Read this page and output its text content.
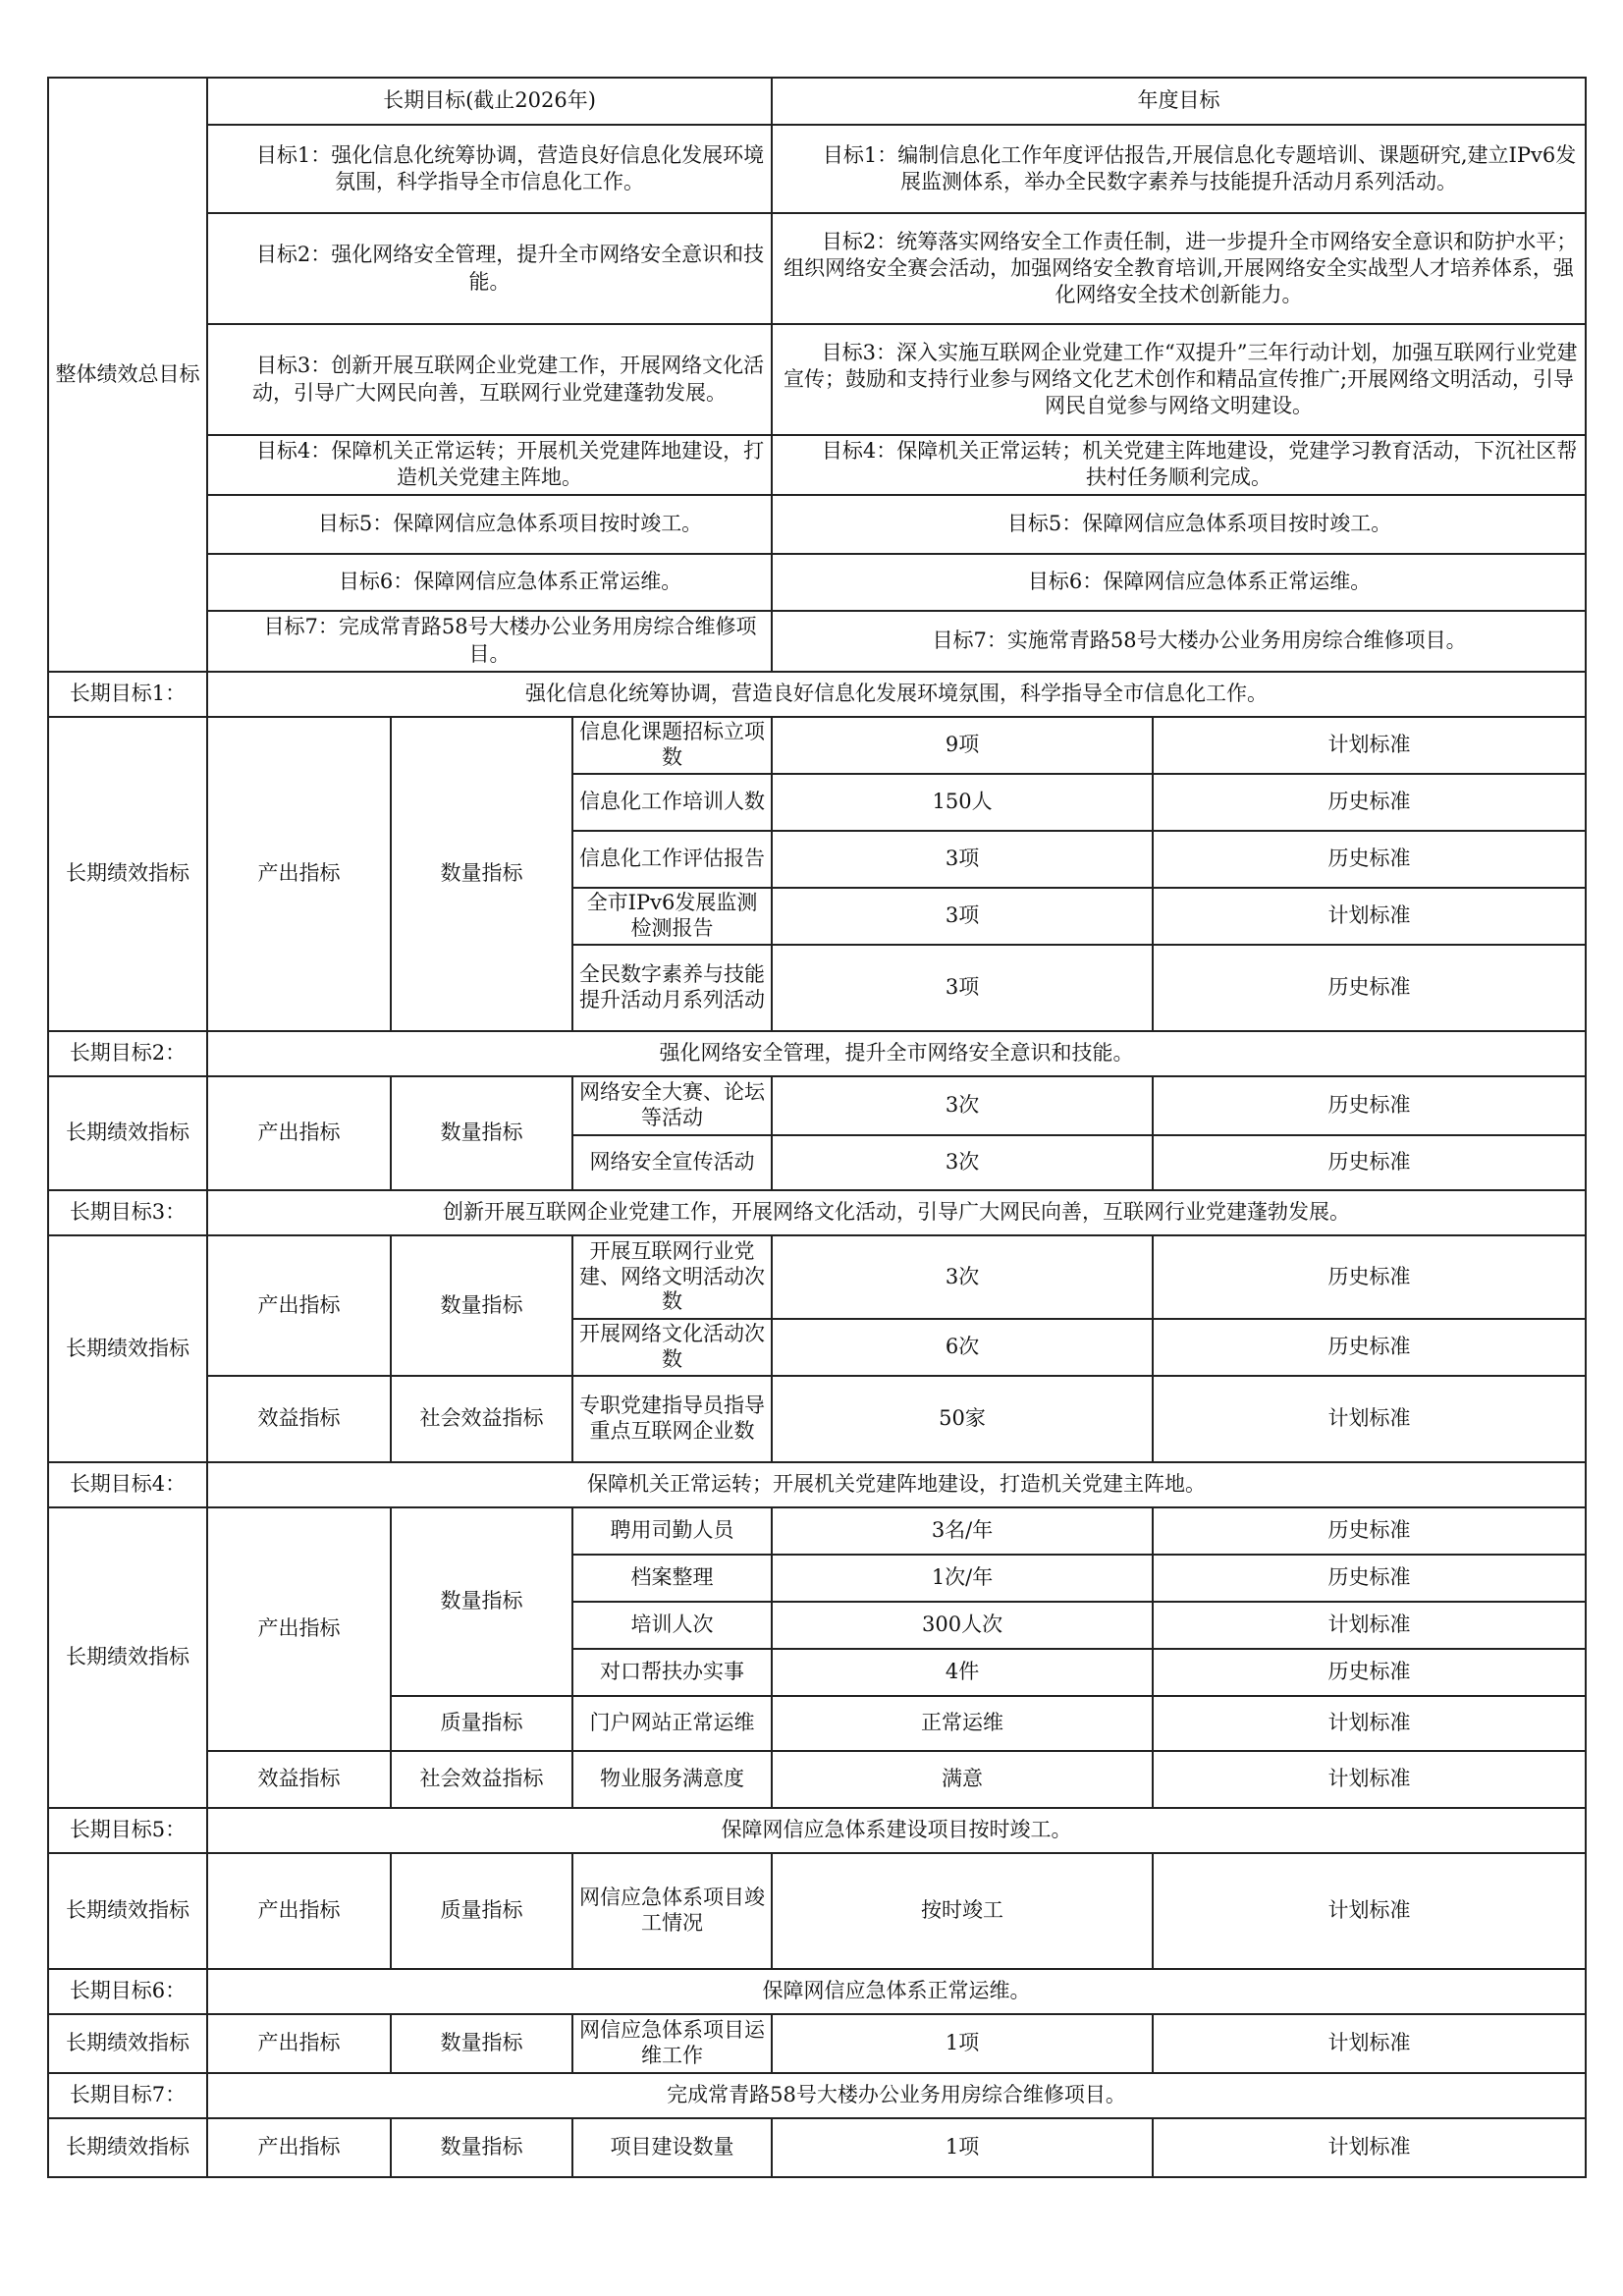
整体绩效总目标	长期目标(截止2026年)			年度目标	
	目标1：强化信息化统筹协调，营造良好信息化发展环境氛围，科学指导全市信息化工作。			目标1：编制信息化工作年度评估报告,开展信息化专题培训、课题研究,建立IPv6发展监测体系，举办全民数字素养与技能提升活动月系列活动。	
	目标2：强化网络安全管理，提升全市网络安全意识和技能。			目标2：统筹落实网络安全工作责任制，进一步提升全市网络安全意识和防护水平；组织网络安全赛会活动，加强网络安全教育培训,开展网络安全实战型人才培养体系，强化网络安全技术创新能力。	
	目标3：创新开展互联网企业党建工作，开展网络文化活动，引导广大网民向善，互联网行业党建蓬勃发展。			目标3：深入实施互联网企业党建工作“双提升”三年行动计划，加强互联网行业党建宣传；鼓励和支持行业参与网络文化艺术创作和精品宣传推广;开展网络文明活动，引导网民自觉参与网络文明建设。	
	目标4：保障机关正常运转；开展机关党建阵地建设，打造机关党建主阵地。			目标4：保障机关正常运转；机关党建主阵地建设，党建学习教育活动，下沉社区帮扶村任务顺利完成。	
	目标5：保障网信应急体系项目按时竣工。			目标5：保障网信应急体系项目按时竣工。	
	目标6：保障网信应急体系正常运维。			目标6：保障网信应急体系正常运维。	
	目标7：完成常青路58号大楼办公业务用房综合维修项目。			目标7：实施常青路58号大楼办公业务用房综合维修项目。	
长期目标1：	强化信息化统筹协调，营造良好信息化发展环境氛围，科学指导全市信息化工作。				
长期绩效指标	产出指标	数量指标	信息化课题招标立项数	9项	计划标准
			信息化工作培训人数	150人	历史标准
			信息化工作评估报告	3项	历史标准
			全市IPv6发展监测检测报告	3项	计划标准
			全民数字素养与技能提升活动月系列活动	3项	历史标准
长期目标2：	强化网络安全管理，提升全市网络安全意识和技能。				
长期绩效指标	产出指标	数量指标	网络安全大赛、论坛等活动	3次	历史标准
			网络安全宣传活动	3次	历史标准
长期目标3：	创新开展互联网企业党建工作，开展网络文化活动，引导广大网民向善，互联网行业党建蓬勃发展。				
长期绩效指标	产出指标	数量指标	开展互联网行业党建、网络文明活动次数	3次	历史标准
			开展网络文化活动次数	6次	历史标准
	效益指标	社会效益指标	专职党建指导员指导重点互联网企业数	50家	计划标准
长期目标4：	保障机关正常运转；开展机关党建阵地建设，打造机关党建主阵地。				
长期绩效指标	产出指标	数量指标	聘用司勤人员	3名/年	历史标准
			档案整理	1次/年	历史标准
			培训人次	300人次	计划标准
			对口帮扶办实事	4件	历史标准
		质量指标	门户网站正常运维	正常运维	计划标准
	效益指标	社会效益指标	物业服务满意度	满意	计划标准
长期目标5：	保障网信应急体系建设项目按时竣工。				
长期绩效指标	产出指标	质量指标	网信应急体系项目竣工情况	按时竣工	计划标准
长期目标6：	保障网信应急体系正常运维。				
长期绩效指标	产出指标	数量指标	网信应急体系项目运维工作	1项	计划标准
长期目标7：	完成常青路58号大楼办公业务用房综合维修项目。				
长期绩效指标	产出指标	数量指标	项目建设数量	1项	计划标准
